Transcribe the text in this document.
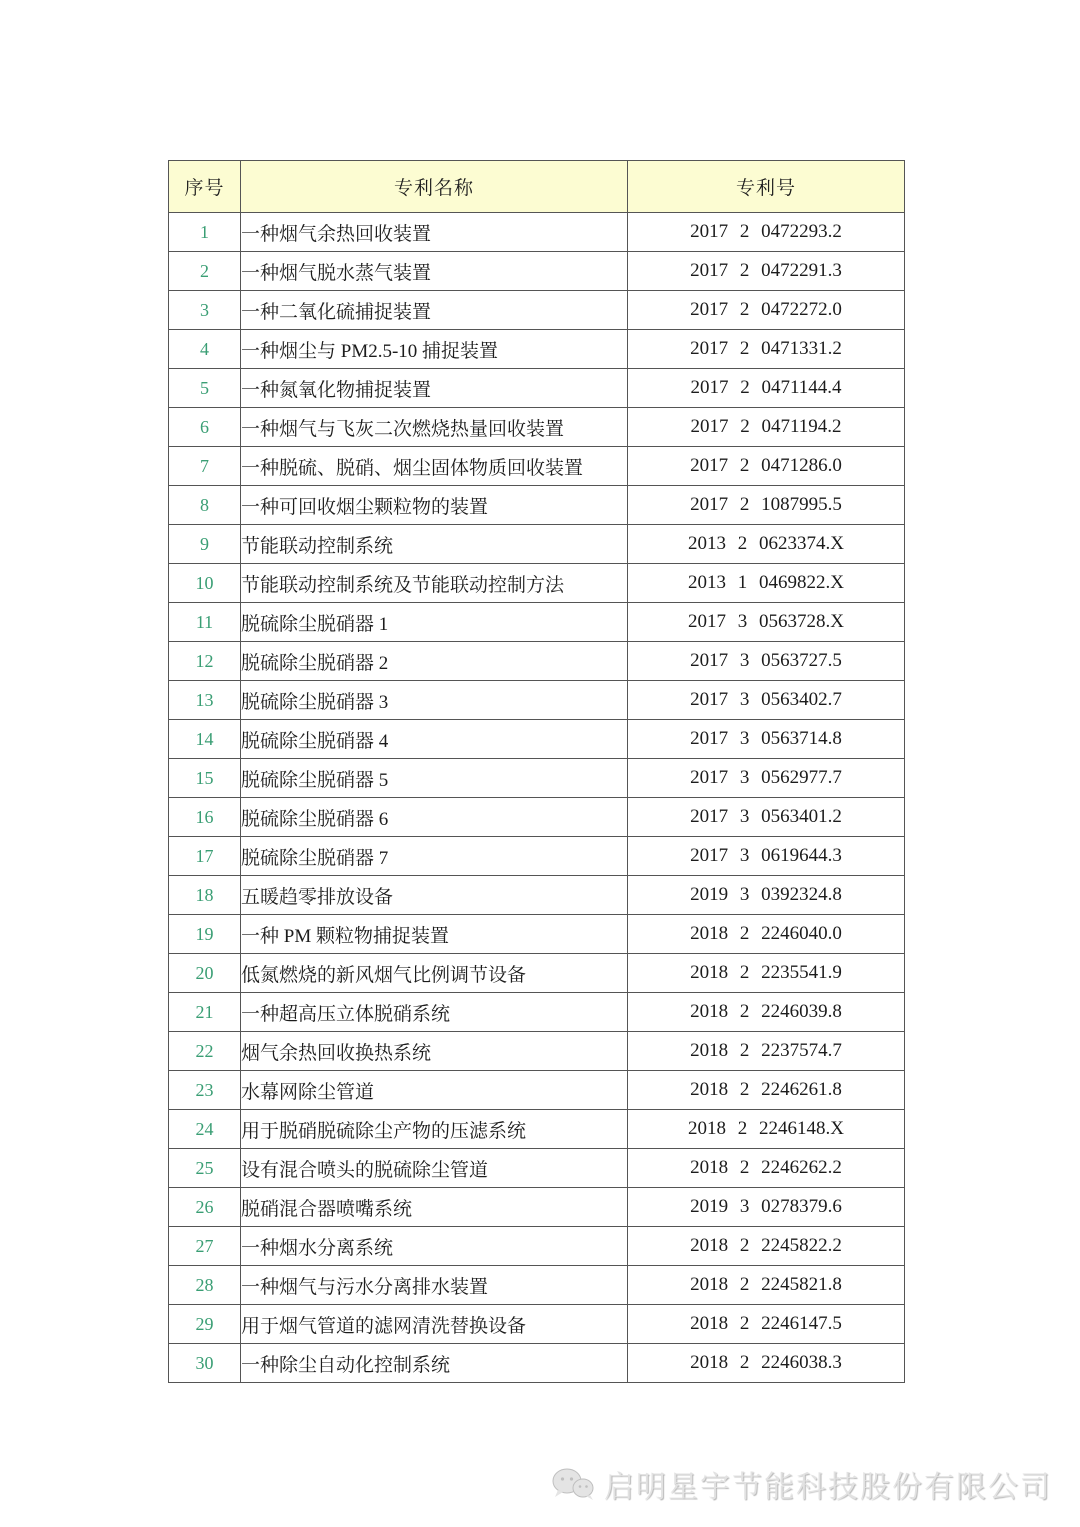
序号	专利名称	专利号
1	一种烟气余热回收装置	2017 2 0472293.2
2	一种烟气脱水蒸气装置	2017 2 0472291.3
3	一种二氧化硫捕捉装置	2017 2 0472272.0
4	一种烟尘与 PM2.5-10 捕捉装置	2017 2 0471331.2
5	一种氮氧化物捕捉装置	2017 2 0471144.4
6	一种烟气与飞灰二次燃烧热量回收装置	2017 2 0471194.2
7	一种脱硫、脱硝、烟尘固体物质回收装置	2017 2 0471286.0
8	一种可回收烟尘颗粒物的装置	2017 2 1087995.5
9	节能联动控制系统	2013 2 0623374.X
10	节能联动控制系统及节能联动控制方法	2013 1 0469822.X
11	脱硫除尘脱硝器 1	2017 3 0563728.X
12	脱硫除尘脱硝器 2	2017 3 0563727.5
13	脱硫除尘脱硝器 3	2017 3 0563402.7
14	脱硫除尘脱硝器 4	2017 3 0563714.8
15	脱硫除尘脱硝器 5	2017 3 0562977.7
16	脱硫除尘脱硝器 6	2017 3 0563401.2
17	脱硫除尘脱硝器 7	2017 3 0619644.3
18	五暖趋零排放设备	2019 3 0392324.8
19	一种 PM 颗粒物捕捉装置	2018 2 2246040.0
20	低氮燃烧的新风烟气比例调节设备	2018 2 2235541.9
21	一种超高压立体脱硝系统	2018 2 2246039.8
22	烟气余热回收换热系统	2018 2 2237574.7
23	水幕网除尘管道	2018 2 2246261.8
24	用于脱硝脱硫除尘产物的压滤系统	2018 2 2246148.X
25	设有混合喷头的脱硫除尘管道	2018 2 2246262.2
26	脱硝混合器喷嘴系统	2019 3 0278379.6
27	一种烟水分离系统	2018 2 2245822.2
28	一种烟气与污水分离排水装置	2018 2 2245821.8
29	用于烟气管道的滤网清洗替换设备	2018 2 2246147.5
30	一种除尘自动化控制系统	2018 2 2246038.3
启明星宇节能科技股份有限公司
